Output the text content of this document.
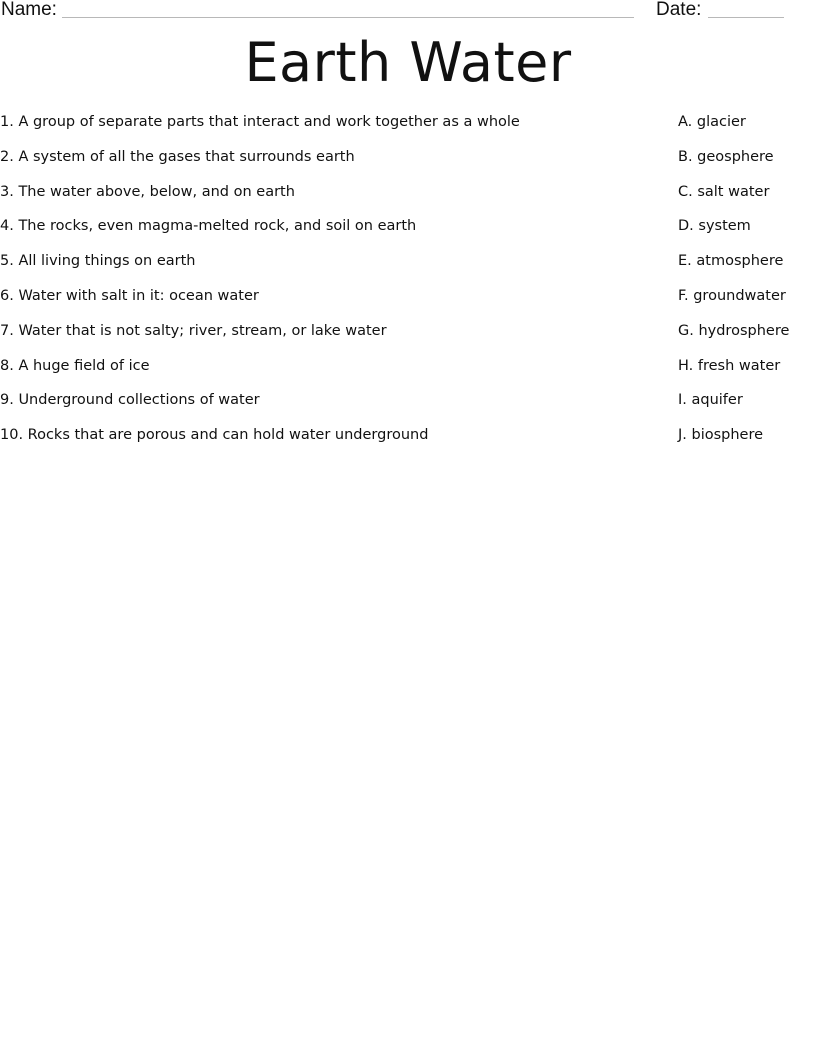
Name:	Date:
Earth Water
1. A group of separate parts that interact and work together as a whole
2. A system of all the gases that surrounds earth
3. The water above, below, and on earth
4. The rocks, even magma-melted rock, and soil on earth
5. All living things on earth
6. Water with salt in it: ocean water
7. Water that is not salty; river, stream, or lake water
8. A huge field of ice
9. Underground collections of water
10. Rocks that are porous and can hold water underground
A. glacier
B. geosphere
C. salt water
D. system
E. atmosphere
F. groundwater
G. hydrosphere
H. fresh water
I. aquifer
J. biosphere
